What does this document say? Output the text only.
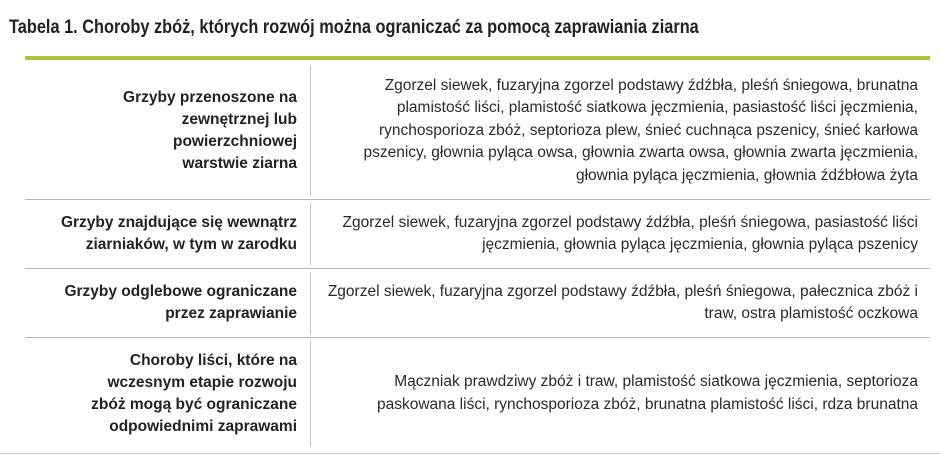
Tabela 1. Choroby zbóż, których rozwój można ograniczać za pomocą zaprawiania ziarna
Grzyby przenoszone na zewnętrznej lub powierzchniowej warstwie ziarna
Zgorzel siewek, fuzaryjna zgorzel podstawy źdźbła, pleśń śniegowa, brunatna plamistość liści, plamistość siatkowa jęczmienia, pasiastość liści jęczmienia, rynchosporioza zbóż, septorioza plew, śnieć cuchnąca pszenicy, śnieć karłowa pszenicy, głownia pyląca owsa, głownia zwarta owsa, głownia zwarta jęczmienia, głownia pyląca jęczmienia, głownia źdźbłowa żyta
Grzyby znajdujące się wewnątrz ziarniaków, w tym w zarodku
Zgorzel siewek, fuzaryjna zgorzel podstawy źdźbła, pleśń śniegowa, pasiastość liści jęczmienia, głownia pyląca jęczmienia, głownia pyląca pszenicy
Grzyby odglebowe ograniczane przez zaprawianie
Zgorzel siewek, fuzaryjna zgorzel podstawy źdźbła, pleśń śniegowa, pałecznica zbóż i traw, ostra plamistość oczkowa
Choroby liści, które na wczesnym etapie rozwoju zbóż mogą być ograniczane odpowiednimi zaprawami
Mączniak prawdziwy zbóż i traw, plamistość siatkowa jęczmienia, septorioza paskowana liści, rynchosporioza zbóż, brunatna plamistość liści, rdza brunatna
